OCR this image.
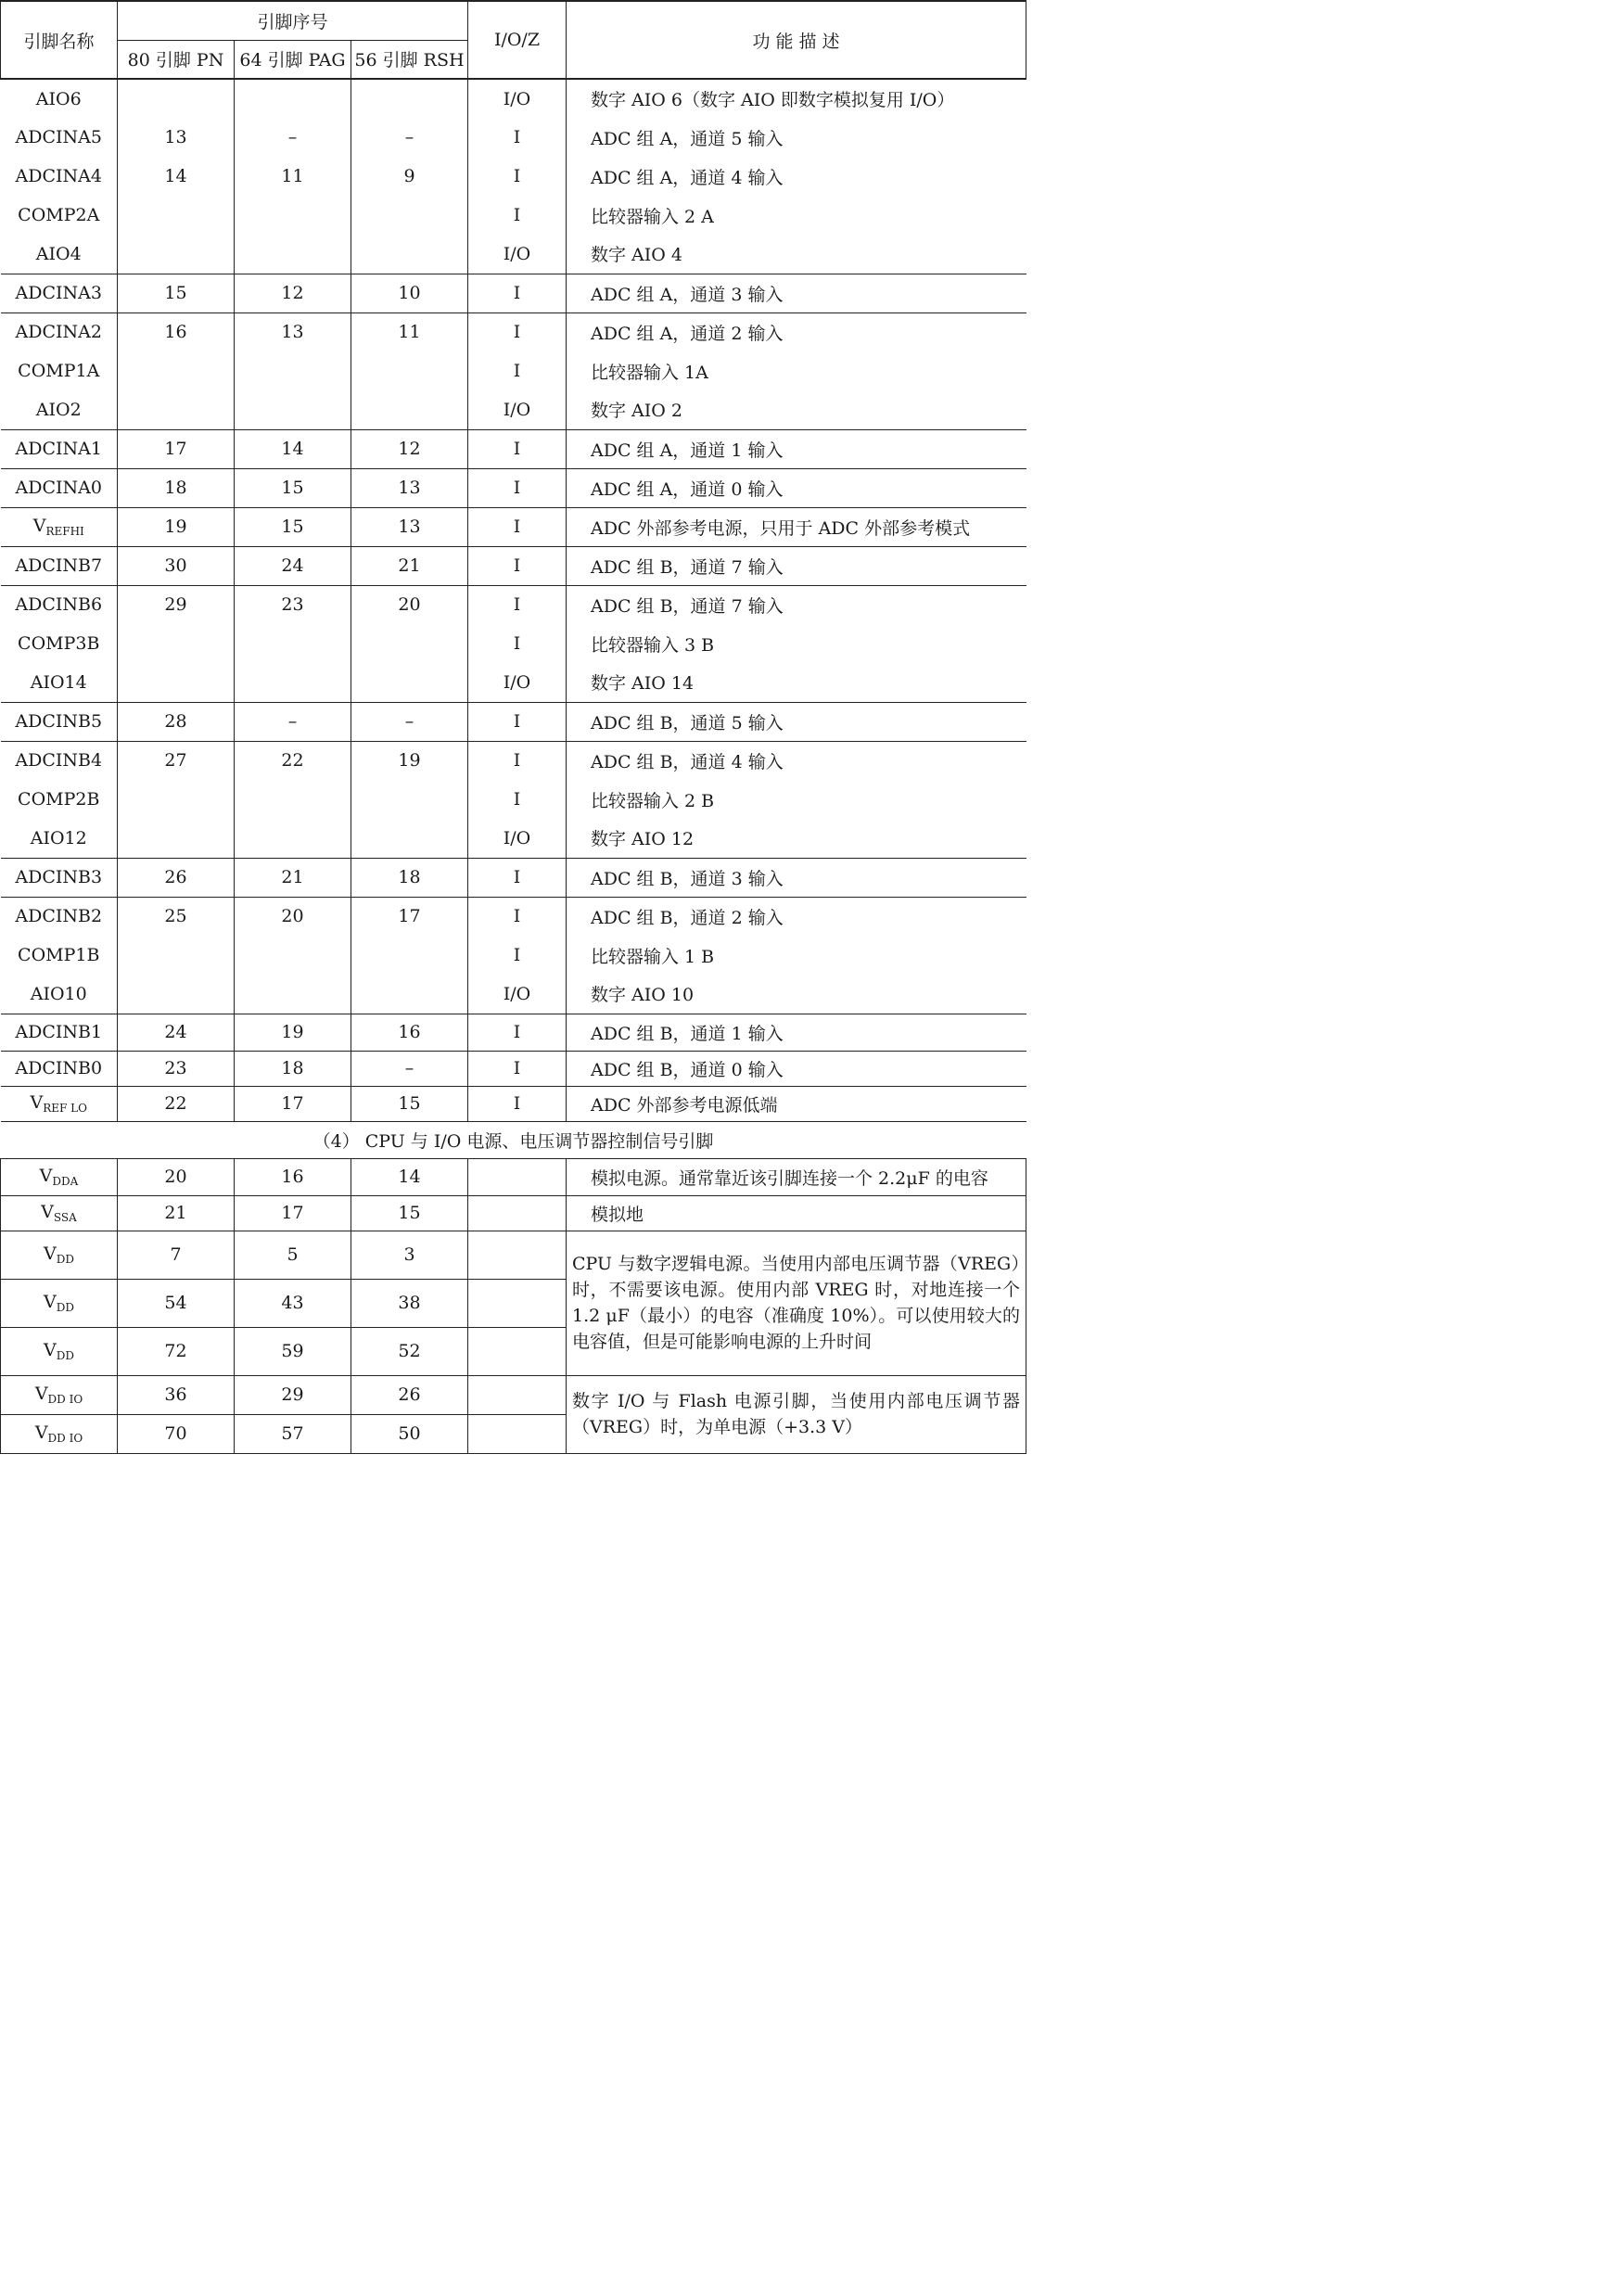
引脚名称	引脚序号			I/O/Z	功 能 描 述
	80 引脚 PN	64 引脚 PAG	56 引脚 RSH		
AIO6				I/O	数字 AIO 6（数字 AIO 即数字模拟复用 I/O）
ADCINA5	13	–	–	I	ADC 组 A，通道 5 输入
ADCINA4	14	11	9	I	ADC 组 A，通道 4 输入
COMP2A				I	比较器输入 2 A
AIO4				I/O	数字 AIO 4
ADCINA3	15	12	10	I	ADC 组 A，通道 3 输入
ADCINA2	16	13	11	I	ADC 组 A，通道 2 输入
COMP1A				I	比较器输入 1A
AIO2				I/O	数字 AIO 2
ADCINA1	17	14	12	I	ADC 组 A，通道 1 输入
ADCINA0	18	15	13	I	ADC 组 A，通道 0 输入
$V_{REFHI}$	19	15	13	I	ADC 外部参考电源，只用于 ADC 外部参考模式
ADCINB7	30	24	21	I	ADC 组 B，通道 7 输入
ADCINB6	29	23	20	I	ADC 组 B，通道 7 输入
COMP3B				I	比较器输入 3 B
AIO14				I/O	数字 AIO 14
ADCINB5	28	–	–	I	ADC 组 B，通道 5 输入
ADCINB4	27	22	19	I	ADC 组 B，通道 4 输入
COMP2B				I	比较器输入 2 B
AIO12				I/O	数字 AIO 12
ADCINB3	26	21	18	I	ADC 组 B，通道 3 输入
ADCINB2	25	20	17	I	ADC 组 B，通道 2 输入
COMP1B				I	比较器输入 1 B
AIO10				I/O	数字 AIO 10
ADCINB1	24	19	16	I	ADC 组 B，通道 1 输入
ADCINB0	23	18	–	I	ADC 组 B，通道 0 输入
$V_{REF LO}$	22	17	15	I	ADC 外部参考电源低端
（4） CPU 与 I/O 电源、电压调节器控制信号引脚					
$V_{DDA}$	20	16	14		模拟电源。通常靠近该引脚连接一个 2.2μF 的电容
$V_{SSA}$	21	17	15		模拟地
$V_{DD}$	7	5	3		CPU 与数字逻辑电源。当使用内部电压调节器（VREG）时，不需要该电源。使用内部 VREG 时，对地连接一个 1.2 μF（最小）的电容（准确度 10%）。可以使用较大的电容值，但是可能影响电源的上升时间
$V_{DD}$	54	43	38		
$V_{DD}$	72	59	52		
$V_{DD IO}$	36	29	26		数字 I/O 与 Flash 电源引脚，当使用内部电压调节器（VREG）时，为单电源（+3.3 V）
$V_{DD IO}$	70	57	50		
